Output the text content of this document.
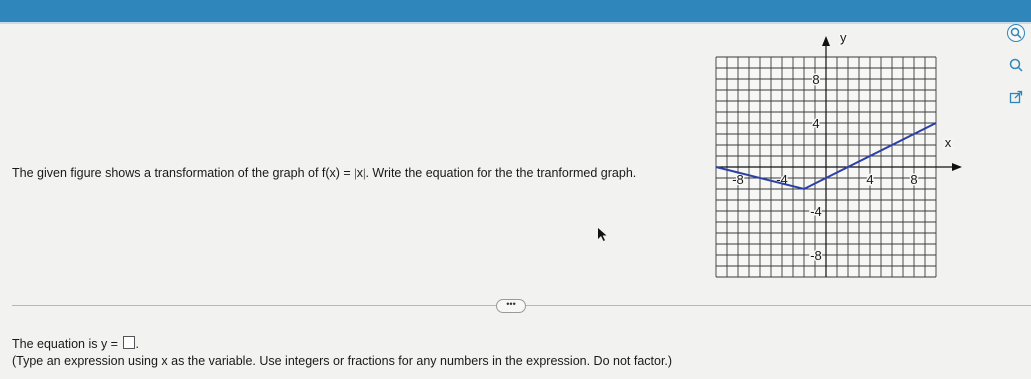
The given figure shows a transformation of the graph of f(x) = |x|. Write the equation for the the tranformed graph.
y
x
-8 -4	4	8
8
4
-4
-8
•••
The equation is y = .
(Type an expression using x as the variable. Use integers or fractions for any numbers in the expression. Do not factor.)
